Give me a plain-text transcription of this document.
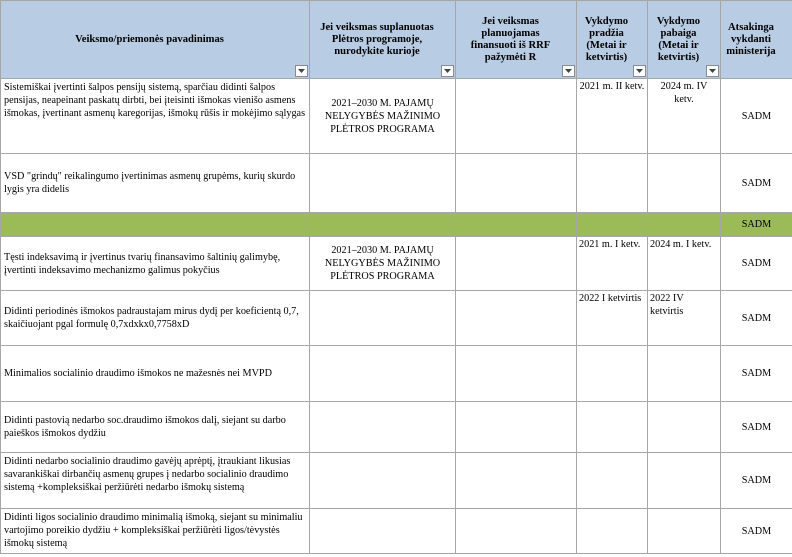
Veiksmo/priemonės pavadinimas	Jei veiksmas suplanuotas Plėtros programoje, nurodykite kurioje	Jei veiksmas planuojamas finansuoti iš RRF pažymėti R	Vykdymo pradžia (Metai ir ketvirtis)	Vykdymo pabaiga (Metai ir ketvirtis)	Atsakinga vykdanti ministerija

Sistemiškai įvertinti šalpos pensijų sistemą, sparčiau didinti šalpos pensijas, neapeinant paskatų dirbti, bei įteisinti išmokas vienišo asmens išmokas, įvertinant asmenų karegorijas, išmokų rūšis ir mokėjimo sąlygas	2021–2030 M. PAJAMŲ NELYGYBĖS MAŽINIMO PLĖTROS PROGRAMA		2021 m. II ketv.	2024 m. IV ketv.	SADM
VSD "grindų" reikalingumo įvertinimas asmenų grupėms, kurių skurdo lygis yra didelis					SADM
					SADM
Tęsti indeksavimą ir įvertinus tvarių finansavimo šaltinių galimybę, įvertinti indeksavimo mechanizmo galimus pokyčius	2021–2030 M. PAJAMŲ NELYGYBĖS MAŽINIMO PLĖTROS PROGRAMA		2021 m. I ketv.	2024 m. I ketv.	SADM
Didinti periodinės išmokos padraustajam mirus dydį per koeficientą 0,7, skaičiuojant pgal formulę 0,7xdxkx0,7758xD			2022 I ketvirtis	2022 IV ketvirtis	SADM
Minimalios socialinio draudimo išmokos ne mažesnės nei MVPD					SADM
Didinti pastovią nedarbo soc.draudimo išmokos dalį, siejant su darbo paieškos išmokos dydžiu					SADM
Didinti nedarbo socialinio draudimo gavėjų aprėptį, įtraukiant likusias savarankiškai dirbančių asmenų grupes į nedarbo socialinio draudimo sistemą +kompleksiškai peržiūrėti nedarbo išmokų sistemą					SADM
Didinti ligos socialinio draudimo minimalią išmoką, siejant su minimaliu vartojimo poreikio dydžiu + kompleksiškai peržiūrėti ligos/tėvystės išmokų sistemą					SADM
